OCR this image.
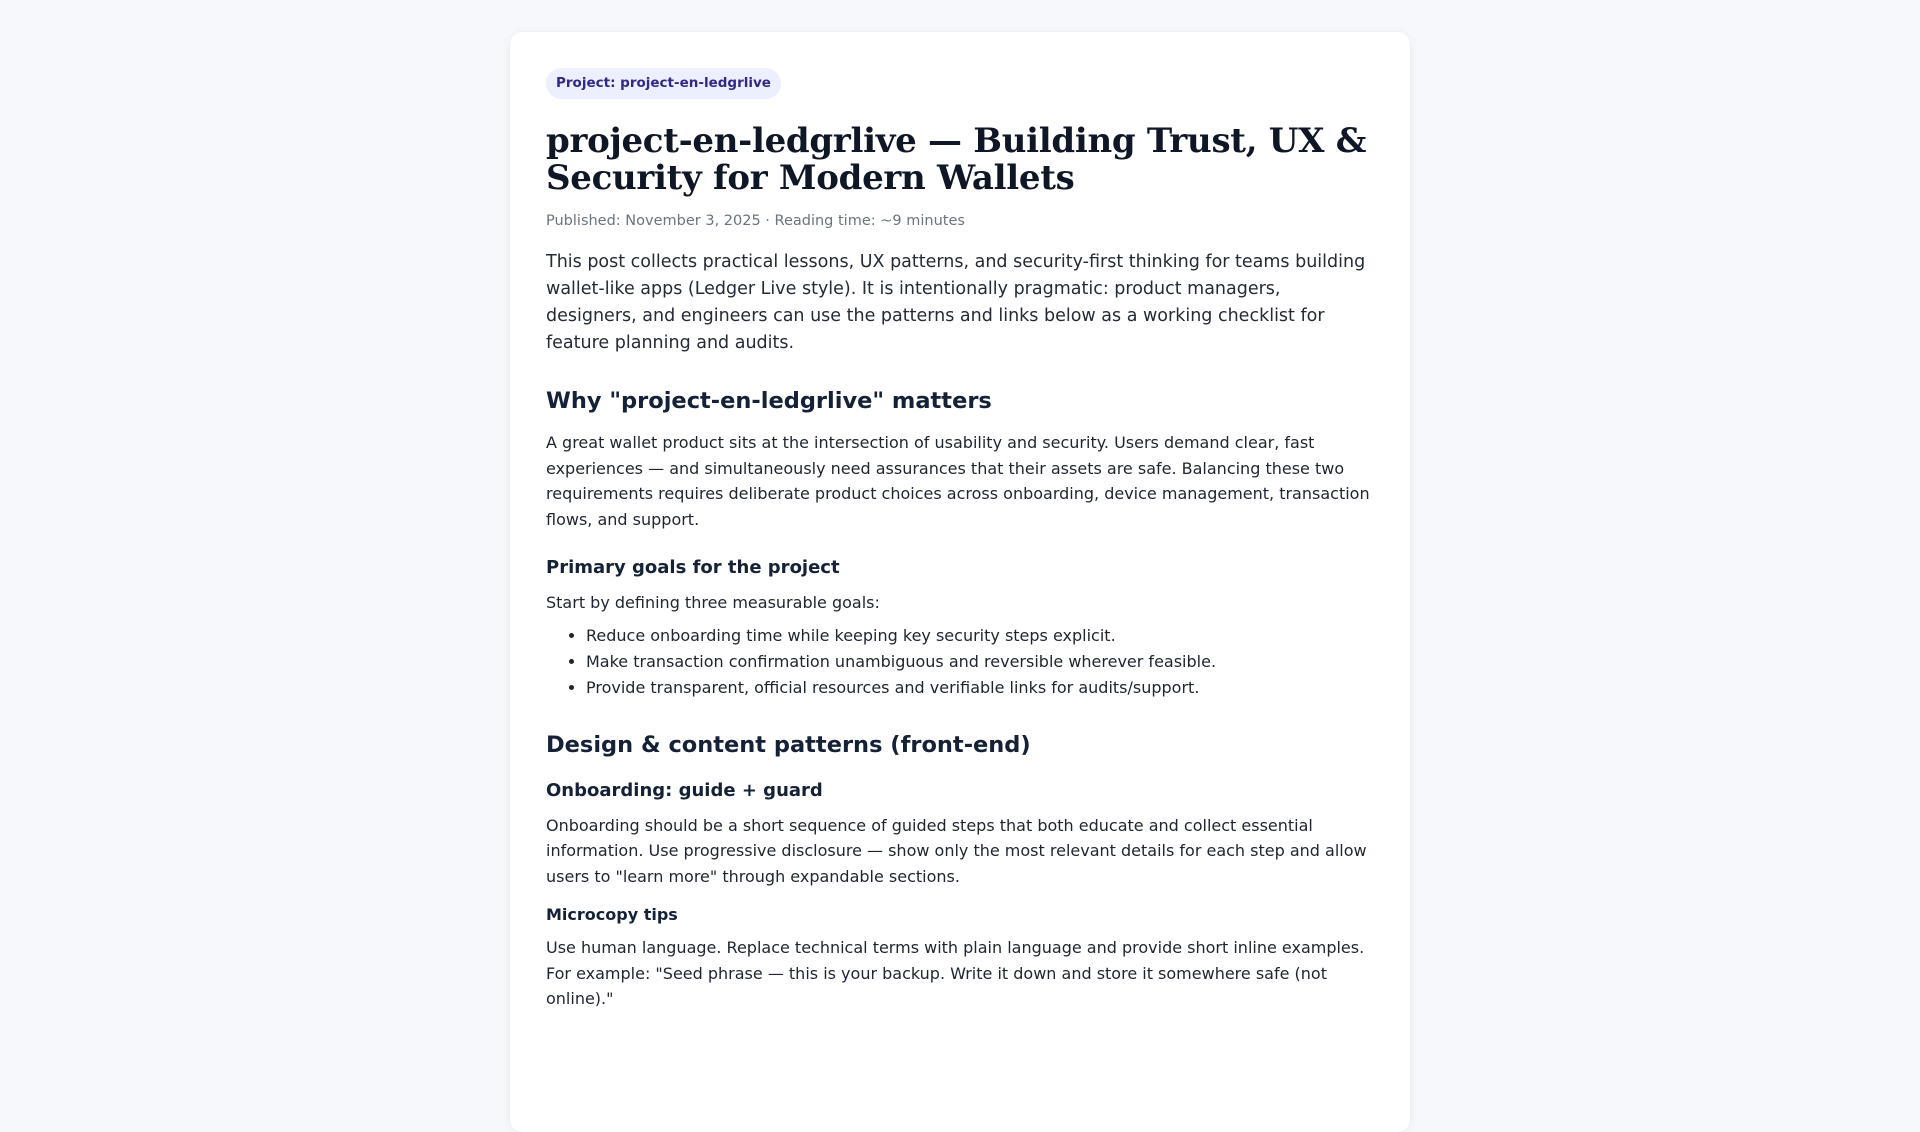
Project: project-en-ledgrlive
project-en-ledgrlive — Building Trust, UX & Security for Modern Wallets
Published: November 3, 2025 · Reading time: ~9 minutes

This post collects practical lessons, UX patterns, and security-first thinking for teams building wallet-like apps (Ledger Live style). It is intentionally pragmatic: product managers, designers, and engineers can use the patterns and links below as a working checklist for feature planning and audits.

Why "project-en-ledgrlive" matters

A great wallet product sits at the intersection of usability and security. Users demand clear, fast experiences — and simultaneously need assurances that their assets are safe. Balancing these two requirements requires deliberate product choices across onboarding, device management, transaction flows, and support.

Primary goals for the project

Start by defining three measurable goals:

• Reduce onboarding time while keeping key security steps explicit.
• Make transaction confirmation unambiguous and reversible wherever feasible.
• Provide transparent, official resources and verifiable links for audits/support.
Design & content patterns (front-end)
Onboarding: guide + guard

Onboarding should be a short sequence of guided steps that both educate and collect essential information. Use progressive disclosure — show only the most relevant details for each step and allow users to "learn more" through expandable sections.

Microcopy tips

Use human language. Replace technical terms with plain language and provide short inline examples. For example: "Seed phrase — this is your backup. Write it down and store it somewhere safe (not online)."
